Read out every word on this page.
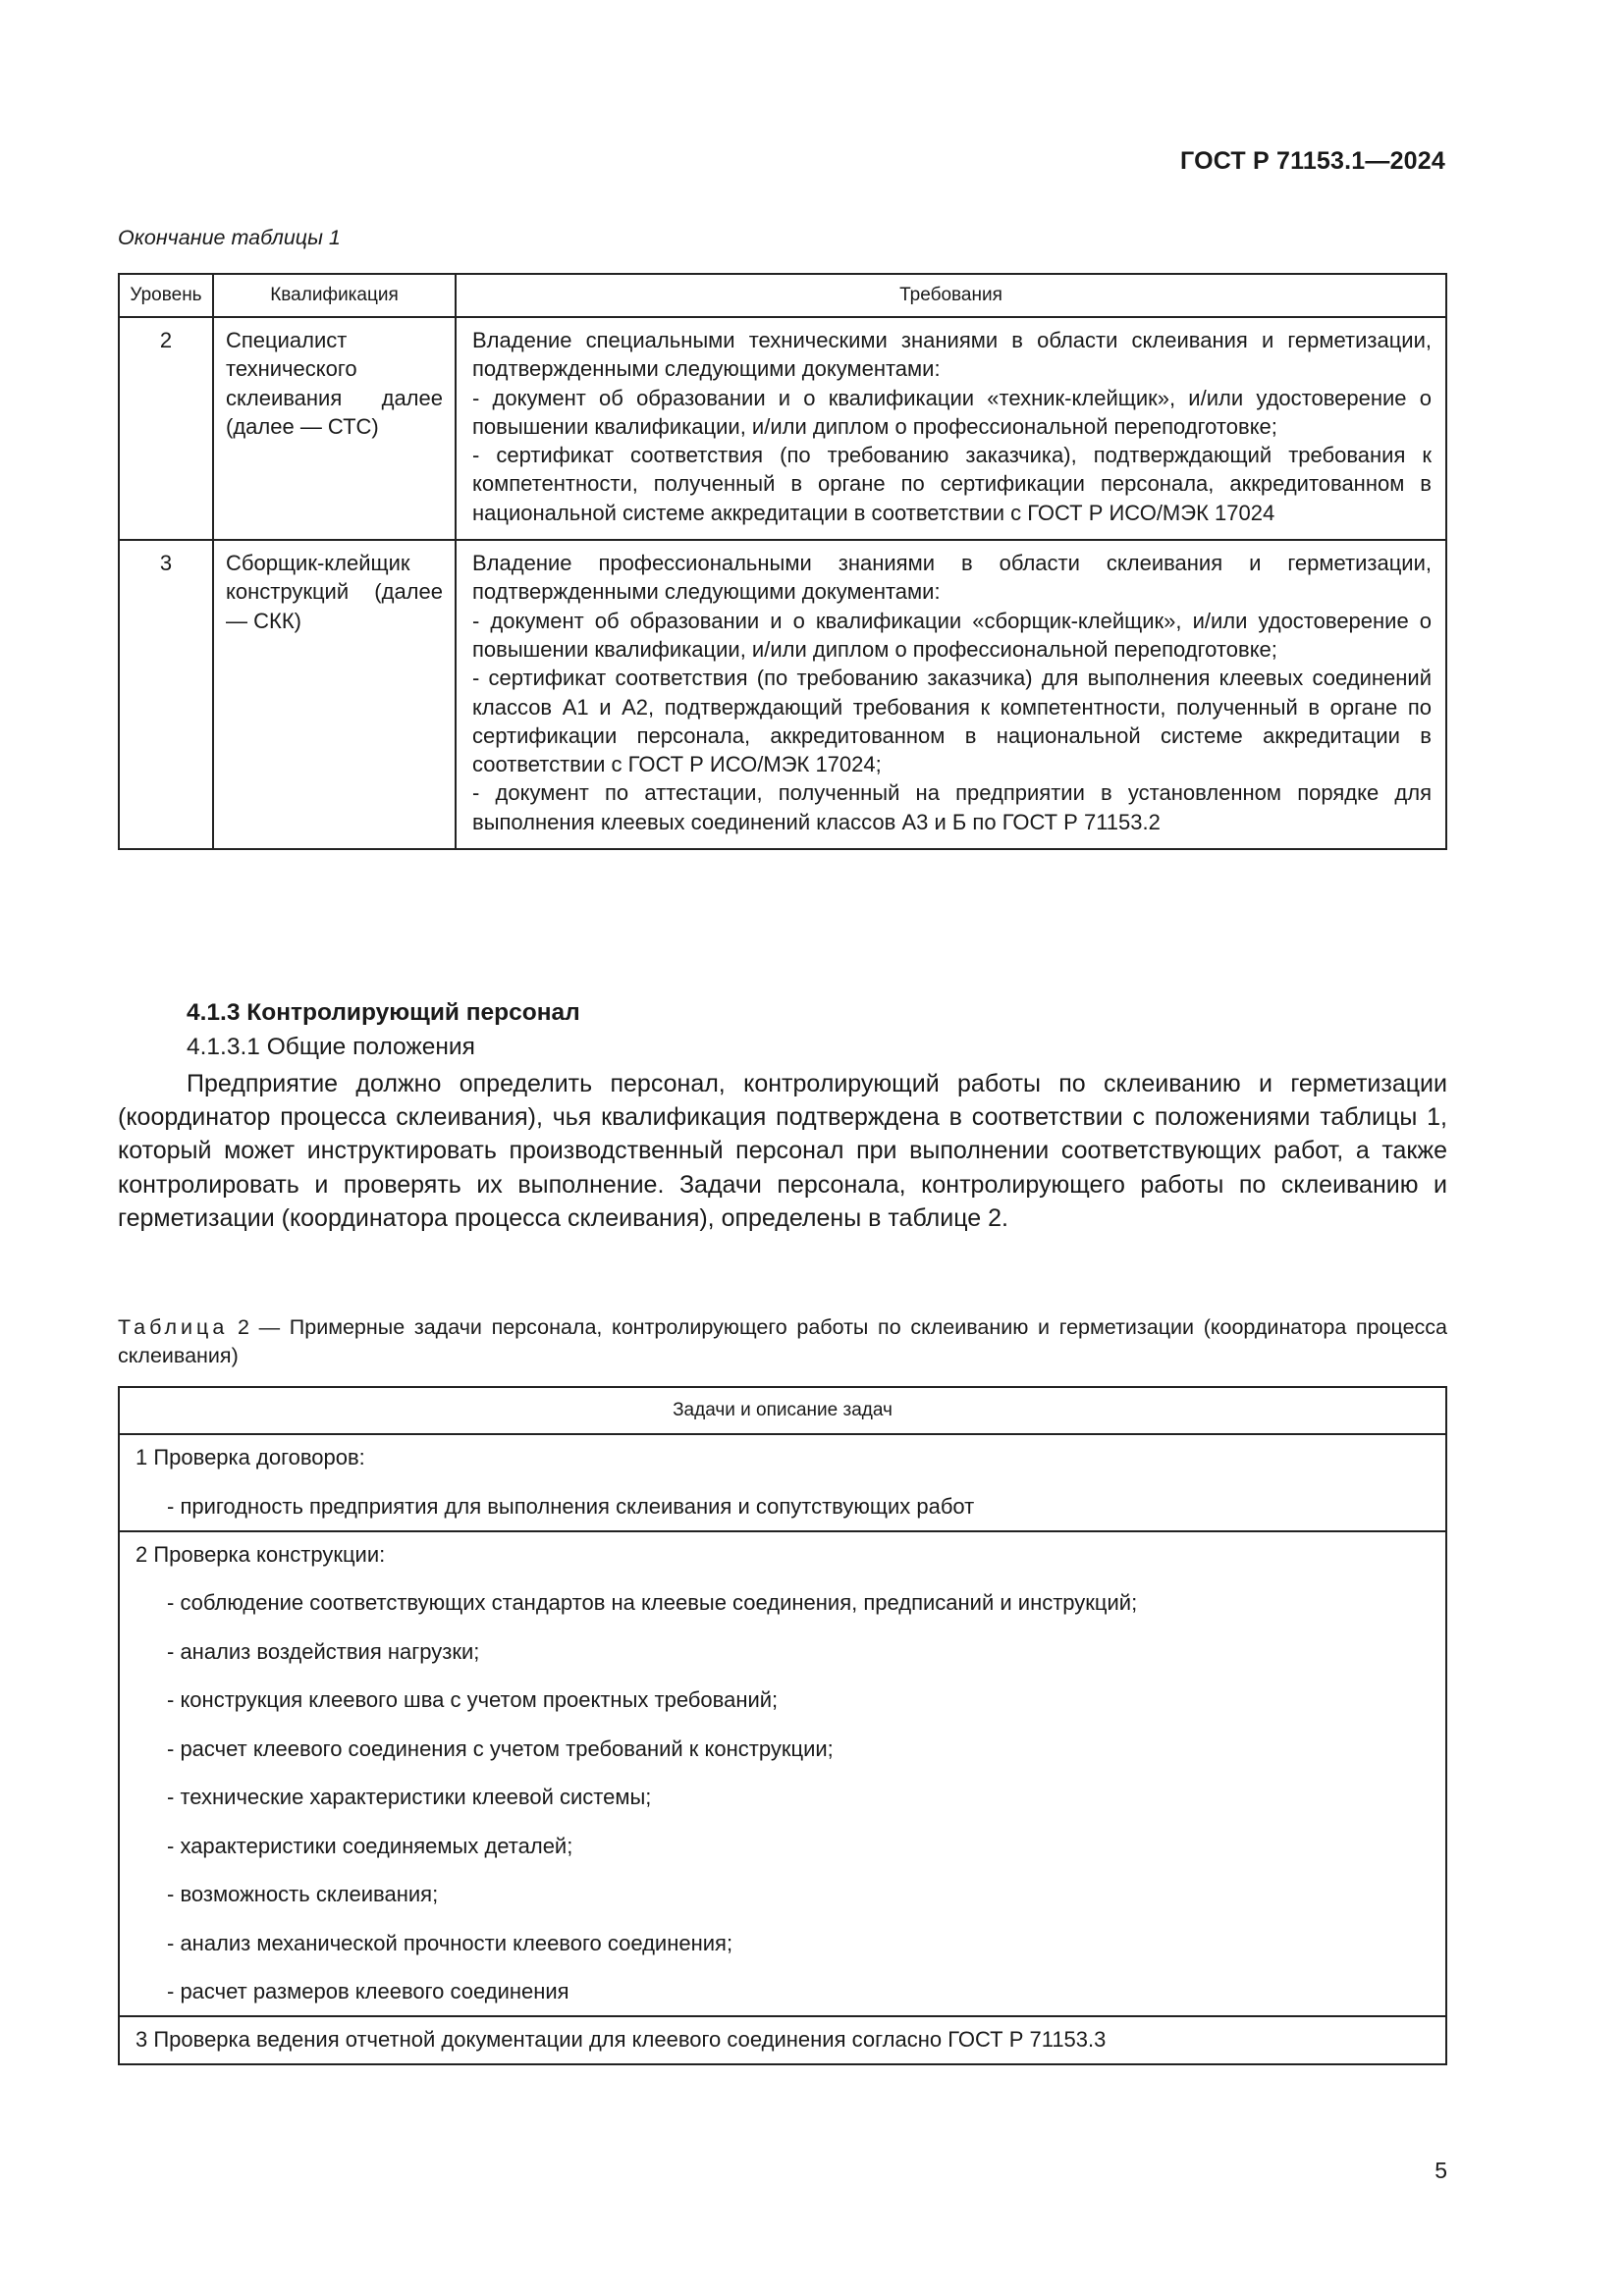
ГОСТ Р 71153.1—2024
Окончание таблицы 1
Уровень	Квалификация	Требования
2	Специалист технического склеивания далее (далее — СТС)	Владение специальными техническими знаниями в области склеивания и герметизации, подтвержденными следующими документами:
- документ об образовании и о квалификации «техник-клейщик», и/или удостоверение о повышении квалификации, и/или диплом о профессиональной переподготовке;
- сертификат соответствия (по требованию заказчика), подтверждающий требования к компетентности, полученный в органе по сертификации персонала, аккредитованном в национальной системе аккредитации в соответствии с ГОСТ Р ИСО/МЭК 17024

3	Сборщик-клейщик конструкций (далее — СКК)	Владение профессиональными знаниями в области склеивания и герметизации, подтвержденными следующими документами:
- документ об образовании и о квалификации «сборщик-клейщик», и/или удостоверение о повышении квалификации, и/или диплом о профессиональной переподготовке;
- сертификат соответствия (по требованию заказчика) для выполнения клеевых соединений классов А1 и А2, подтверждающий требования к компетентности, полученный в органе по сертификации персонала, аккредитованном в национальной системе аккредитации в соответствии с ГОСТ Р ИСО/МЭК 17024;
- документ по аттестации, полученный на предприятии в установленном порядке для выполнения клеевых соединений классов А3 и Б по ГОСТ Р 71153.2
4.1.3 Контролирующий персонал
4.1.3.1 Общие положения
Предприятие должно определить персонал, контролирующий работы по склеиванию и герметизации (координатор процесса склеивания), чья квалификация подтверждена в соответствии с положениями таблицы 1, который может инструктировать производственный персонал при выполнении соответствующих работ, а также контролировать и проверять их выполнение. Задачи персонала, контролирующего работы по склеиванию и герметизации (координатора процесса склеивания), определены в таблице 2.
Таблица 2 — Примерные задачи персонала, контролирующего работы по склеиванию и герметизации (координатора процесса склеивания)
Задачи и описание задач

1 Проверка договоров:
- пригодность предприятия для выполнения склеивания и сопутствующих работ

2 Проверка конструкции:
- соблюдение соответствующих стандартов на клеевые соединения, предписаний и инструкций;
- анализ воздействия нагрузки;
- конструкция клеевого шва с учетом проектных требований;
- расчет клеевого соединения с учетом требований к конструкции;
- технические характеристики клеевой системы;
- характеристики соединяемых деталей;
- возможность склеивания;
- анализ механической прочности клеевого соединения;
- расчет размеров клеевого соединения

3 Проверка ведения отчетной документации для клеевого соединения согласно ГОСТ Р 71153.3
5
